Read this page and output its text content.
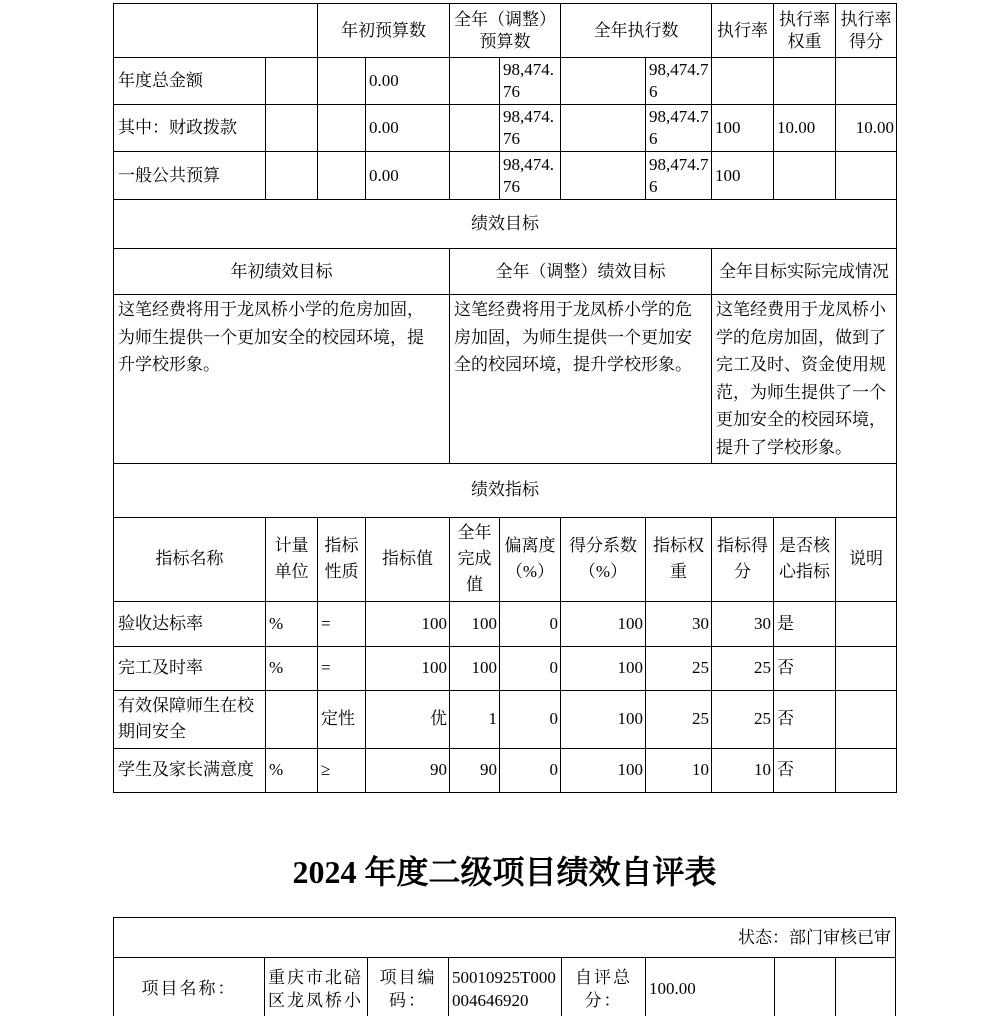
		年初预算数		全年（调整）预算数		全年执行数		执行率	执行率权重	执行率得分
年度总金额			0.00		98,474.76		98,474.76			
其中：财政拨款			0.00		98,474.76		98,474.76	100	10.00	10.00
一般公共预算			0.00		98,474.76		98,474.76	100		
绩效目标										
年初绩效目标				全年（调整）绩效目标				全年目标实际完成情况		
这笔经费将用于龙凤桥小学的危房加固，为师生提供一个更加安全的校园环境，提升学校形象。				这笔经费将用于龙凤桥小学的危房加固，为师生提供一个更加安全的校园环境，提升学校形象。				这笔经费用于龙凤桥小学的危房加固，做到了完工及时、资金使用规范，为师生提供了一个更加安全的校园环境，提升了学校形象。		
绩效指标										
指标名称	计量单位	指标性质	指标值	全年完成值	偏离度（%）	得分系数（%）	指标权重	指标得分	是否核心指标	说明
验收达标率	%	=	100	100	0	100	30	30	是	
完工及时率	%	=	100	100	0	100	25	25	否	
有效保障师生在校期间安全		定性	优	1	0	100	25	25	否	
学生及家长满意度	%	≥	90	90	0	100	10	10	否	
2024 年度二级项目绩效自评表
状态：部门审核已审
项目名称：	重庆市北碚区龙凤桥小	项目编码：	50010925T000004646920	自评总分：	100.00		
